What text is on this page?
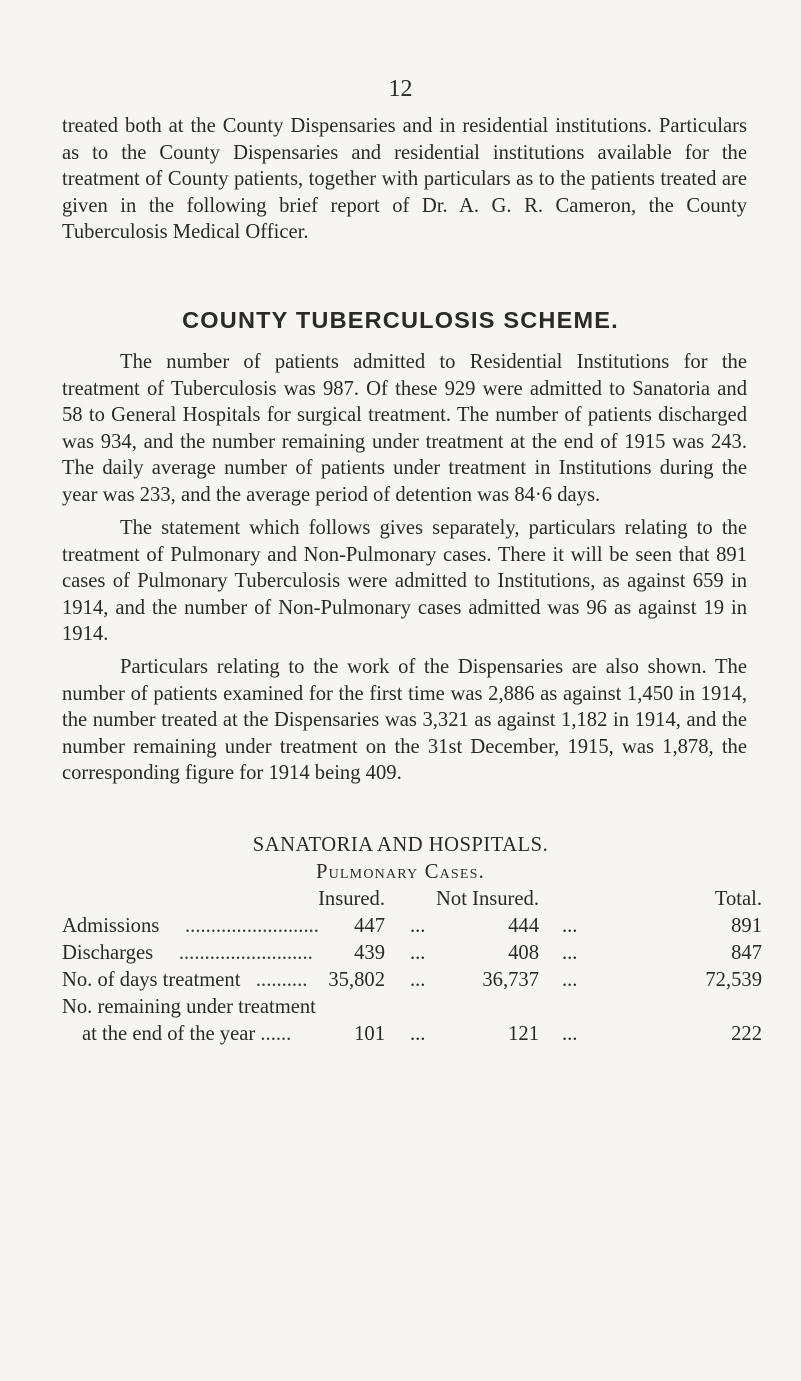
12

treated both at the County Dispensaries and in residential institutions. Particulars as to the County Dispensaries and residential institutions available for the treatment of County patients, together with particulars as to the patients treated are given in the following brief report of Dr. A. G. R. Cameron, the County Tuberculosis Medical Officer.

COUNTY TUBERCULOSIS SCHEME.

The number of patients admitted to Residential Institutions for the treatment of Tuberculosis was 987. Of these 929 were admitted to Sanatoria and 58 to General Hospitals for surgical treatment. The number of patients discharged was 934, and the number remaining under treatment at the end of 1915 was 243. The daily average number of patients under treatment in Institutions during the year was 233, and the average period of detention was 84·6 days.

The statement which follows gives separately, particulars relating to the treatment of Pulmonary and Non-Pulmonary cases. There it will be seen that 891 cases of Pulmonary Tuberculosis were admitted to Institutions, as against 659 in 1914, and the number of Non-Pulmonary cases admitted was 96 as against 19 in 1914.

Particulars relating to the work of the Dispensaries are also shown. The number of patients examined for the first time was 2,886 as against 1,450 in 1914, the number treated at the Dispensaries was 3,321 as against 1,182 in 1914, and the number remaining under treatment on the 31st December, 1915, was 1,878, the corresponding figure for 1914 being 409.

SANATORIA AND HOSPITALS.
Pulmonary Cases.
Insured. Not Insured.	Total.
Admissions .......................... 447 ...	444 ...	891
Discharges .......................... 439 ...	408 ...	847
No. of days treatment .......... 35,802 ...	36,737 ...	72,539
No. remaining under treatment
at the end of the year ......	101 ...	121 ...	222
